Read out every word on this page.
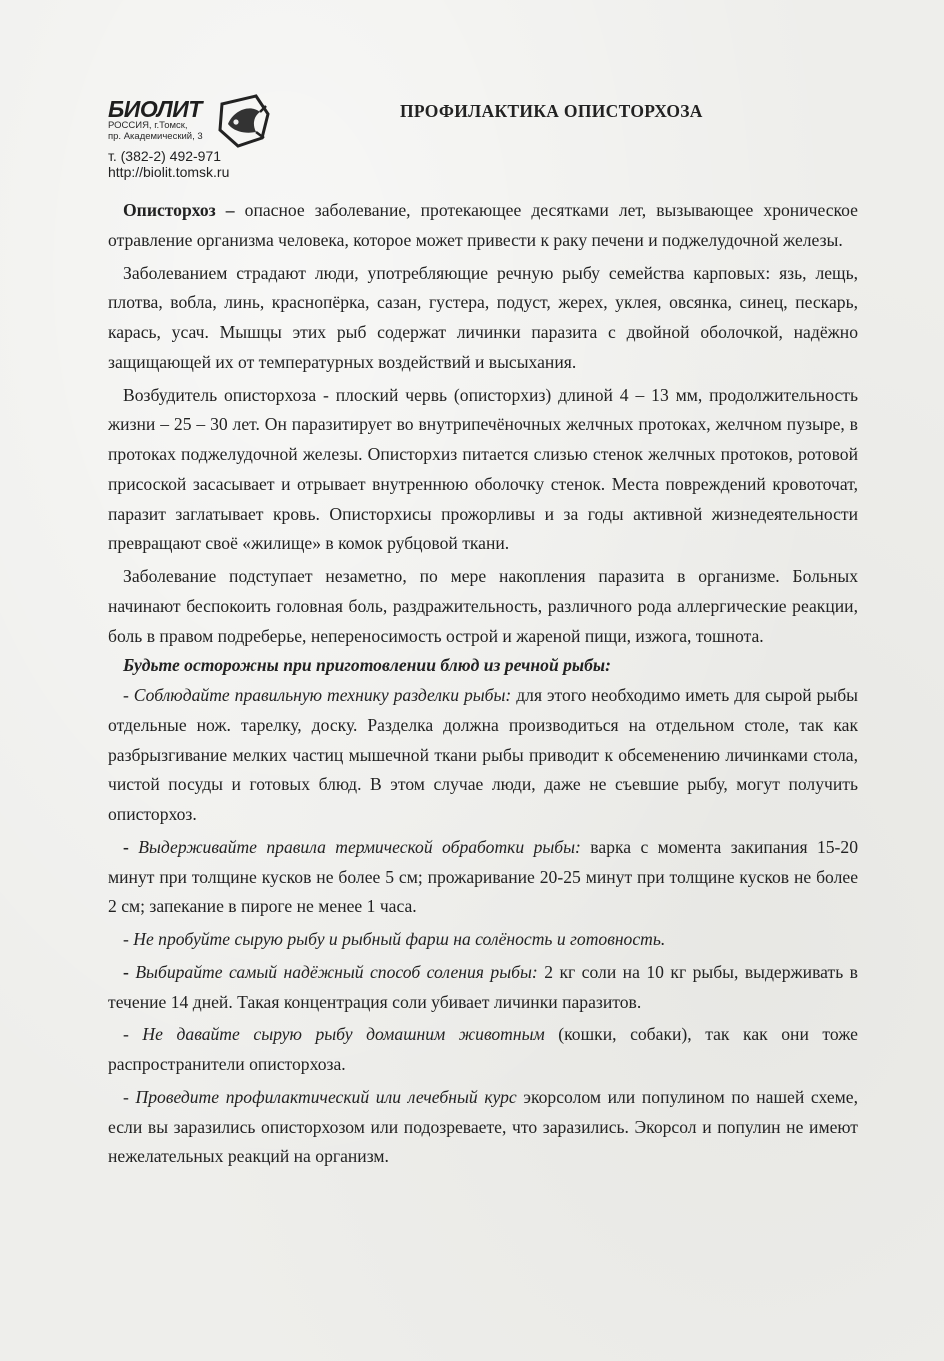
БИОЛИТ
РОССИЯ, г.Томск,
пр. Академический, 3
т. (382-2) 492-971
http://biolit.tomsk.ru
ПРОФИЛАКТИКА ОПИСТОРХОЗА

Описторхоз – опасное заболевание, протекающее десятками лет, вызывающее хроническое отравление организма человека, которое может привести к раку печени и поджелудочной железы.

Заболеванием страдают люди, употребляющие речную рыбу семейства карповых: язь, лещь, плотва, вобла, линь, краснопёрка, сазан, густера, подуст, жерех, уклея, овсянка, синец, пескарь, карась, усач. Мышцы этих рыб содержат личинки паразита с двойной оболочкой, надёжно защищающей их от температурных воздействий и высыхания.

Возбудитель описторхоза - плоский червь (описторхиз) длиной 4 – 13 мм, продолжительность жизни – 25 – 30 лет. Он паразитирует во внутрипечёночных желчных протоках, желчном пузыре, в протоках поджелудочной железы. Описторхиз питается слизью стенок желчных протоков, ротовой присоской засасывает и отрывает внутреннюю оболочку стенок. Места повреждений кровоточат, паразит заглатывает кровь. Описторхисы прожорливы и за годы активной жизнедеятельности превращают своё «жилище» в комок рубцовой ткани.

Заболевание подступает незаметно, по мере накопления паразита в организме. Больных начинают беспокоить головная боль, раздражительность, различного рода аллергические реакции, боль в правом подреберье, непереносимость острой и жареной пищи, изжога, тошнота.

Будьте осторожны при приготовлении блюд из речной рыбы:

- Соблюдайте правильную технику разделки рыбы: для этого необходимо иметь для сырой рыбы отдельные нож. тарелку, доску. Разделка должна производиться на отдельном столе, так как разбрызгивание мелких частиц мышечной ткани рыбы приводит к обсеменению личинками стола, чистой посуды и готовых блюд. В этом случае люди, даже не съевшие рыбу, могут получить описторхоз.

- Выдерживайте правила термической обработки рыбы: варка с момента закипания 15-20 минут при толщине кусков не более 5 см; прожаривание 20-25 минут при толщине кусков не более 2 см; запекание в пироге не менее 1 часа.

- Не пробуйте сырую рыбу и рыбный фарш на солёность и готовность.

- Выбирайте самый надёжный способ соления рыбы: 2 кг соли на 10 кг рыбы, выдерживать в течение 14 дней. Такая концентрация соли убивает личинки паразитов.

- Не давайте сырую рыбу домашним животным (кошки, собаки), так как они тоже распространители описторхоза.

- Проведите профилактический или лечебный курс экорсолом или популином по нашей схеме, если вы заразились описторхозом или подозреваете, что заразились. Экорсол и популин не имеют нежелательных реакций на организм.
